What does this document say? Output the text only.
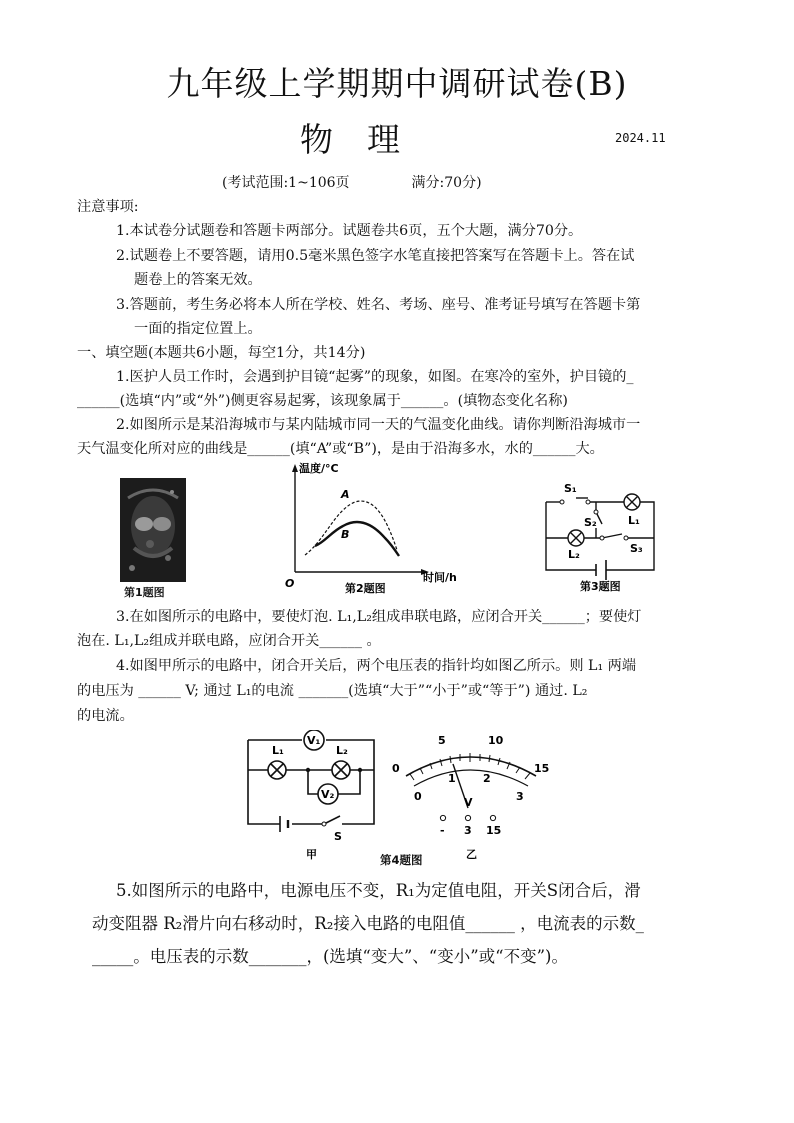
九年级上学期期中调研试卷(B)
物理	2024.11
(考试范围:1~106页	满分:70分)
注意事项:
1.本试卷分试题卷和答题卡两部分。试题卷共6页，五个大题，满分70分。
2.试题卷上不要答题，请用0.5毫米黑色签字水笔直接把答案写在答题卡上。答在试
题卷上的答案无效。
3.答题前，考生务必将本人所在学校、姓名、考场、座号、准考证号填写在答题卡第
一面的指定位置上。
一、填空题(本题共6小题，每空1分，共14分)
1.医护人员工作时，会遇到护目镜“起雾”的现象，如图。在寒冷的室外，护目镜的_
______(选填“内”或“外”)侧更容易起雾，该现象属于______。(填物态变化名称)
2.如图所示是某沿海城市与某内陆城市同一天的气温变化曲线。请你判断沿海城市一
天气温变化所对应的曲线是______(填“A”或“B”)，是由于沿海多水，水的______大。
第1题图
A
B
温度/°C
时间/h
O	第2题图
S₁
S₂	L₁
L₂	S₃
第3题图
3.在如图所示的电路中，要使灯泡. L₁,L₂组成串联电路，应闭合开关______；要使灯
泡在. L₁,L₂组成并联电路，应闭合开关______ 。
4.如图甲所示的电路中，闭合开关后，两个电压表的指针均如图乙所示。则 L₁ 两端
的电压为 ______ V; 通过 L₁的电流 _______(选填“大于”“小于”或“等于”) 通过. L₂
的电流。
V₁
V₂
L₁	L₂
S
甲
0
5	10
15
0
1 2
3
V
- 3 15
乙
第4题图
5.如图所示的电路中，电源电压不变，R₁为定值电阻，开关S闭合后，滑
动变阻器 R₂滑片向右移动时，R₂接入电路的电阻值______ ，电流表的示数_
_____。电压表的示数_______，(选填“变大”、“变小”或“不变”)。
